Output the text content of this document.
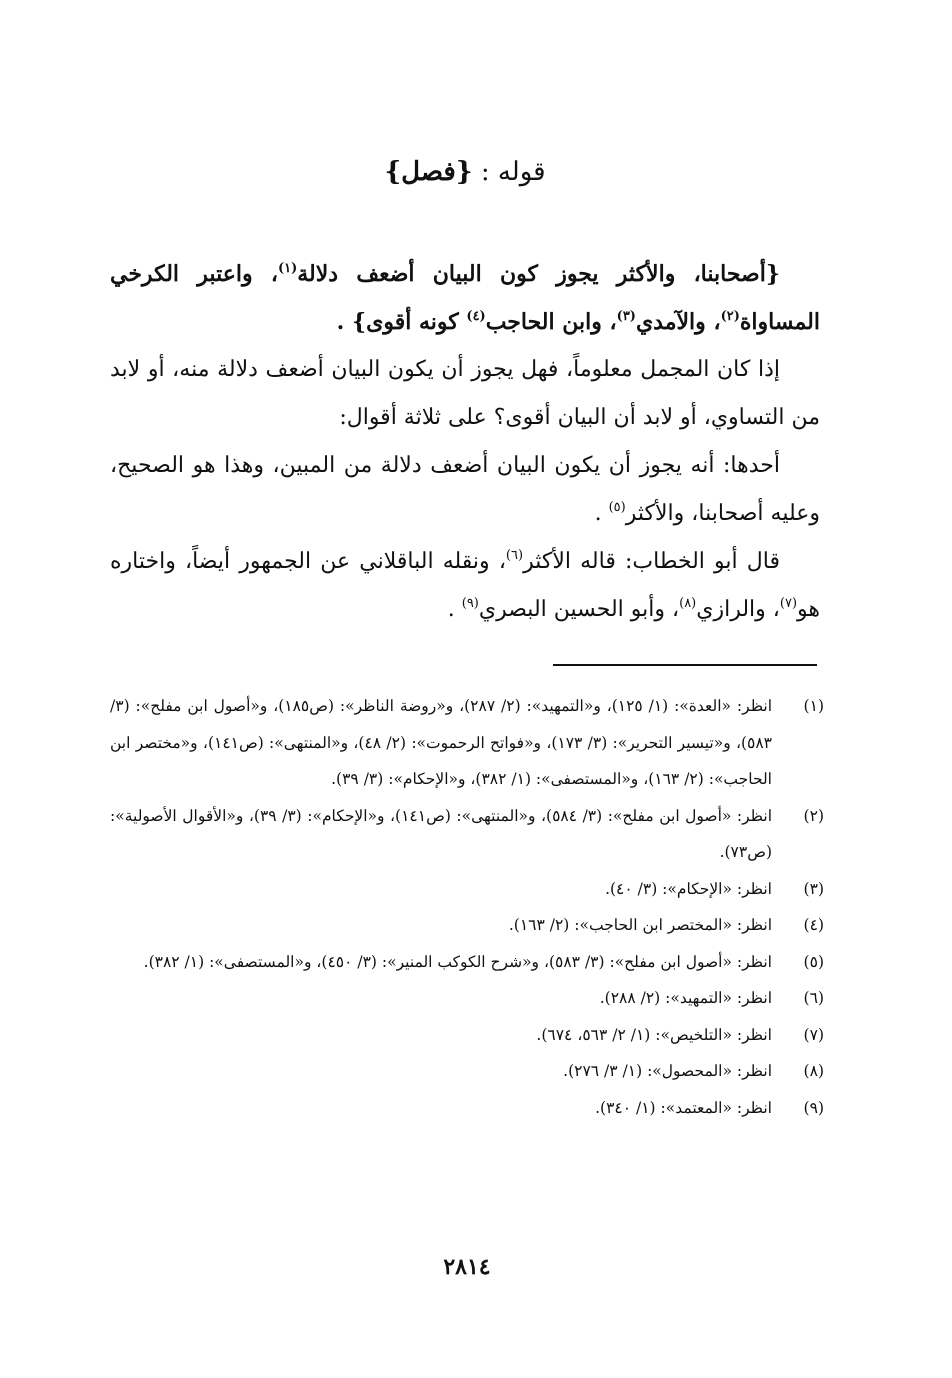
قوله : {فصل}

{أصحابنا، والأكثر يجوز كون البيان أضعف دلالة$^{(١)}$، واعتبر الكرخي المساواة$^{(٢)}$، والآمدي$^{(٣)}$، وابن الحاجب$^{(٤)}$ كونه أقوى} .

إذا كان المجمل معلوماً، فهل يجوز أن يكون البيان أضعف دلالة منه، أو لابد من التساوي، أو لابد أن البيان أقوى؟ على ثلاثة أقوال:

أحدها: أنه يجوز أن يكون البيان أضعف دلالة من المبين، وهذا هو الصحيح، وعليه أصحابنا، والأكثر$^{(٥)}$ .

قال أبو الخطاب: قاله الأكثر$^{(٦)}$، ونقله الباقلاني عن الجمهور أيضاً، واختاره هو$^{(٧)}$، والرازي$^{(٨)}$، وأبو الحسين البصري$^{(٩)}$ .

(١)
انظر: «العدة»: (١/ ١٢٥)، و«التمهيد»: (٢/ ٢٨٧)، و«روضة الناظر»: (ص١٨٥)، و«أصول ابن مفلح»: (٣/ ٥٨٣)، و«تيسير التحرير»: (٣/ ١٧٣)، و«فواتح الرحموت»: (٢/ ٤٨)، و«المنتهى»: (ص١٤١)، و«مختصر ابن الحاجب»: (٢/ ١٦٣)، و«المستصفى»: (١/ ٣٨٢)، و«الإحكام»: (٣/ ٣٩).
(٢)
انظر: «أصول ابن مفلح»: (٣/ ٥٨٤)، و«المنتهى»: (ص١٤١)، و«الإحكام»: (٣/ ٣٩)، و«الأقوال الأصولية»: (ص٧٣).
(٣)
انظر: «الإحكام»: (٣/ ٤٠).
(٤)
انظر: «المختصر ابن الحاجب»: (٢/ ١٦٣).
(٥)
انظر: «أصول ابن مفلح»: (٣/ ٥٨٣)، و«شرح الكوكب المنير»: (٣/ ٤٥٠)، و«المستصفى»: (١/ ٣٨٢).
(٦)
انظر: «التمهيد»: (٢/ ٢٨٨).
(٧)
انظر: «التلخيص»: (١/ ٢/ ٥٦٣، ٦٧٤).
(٨)
انظر: «المحصول»: (١/ ٣/ ٢٧٦).
(٩)
انظر: «المعتمد»: (١/ ٣٤٠).
٢٨١٤
